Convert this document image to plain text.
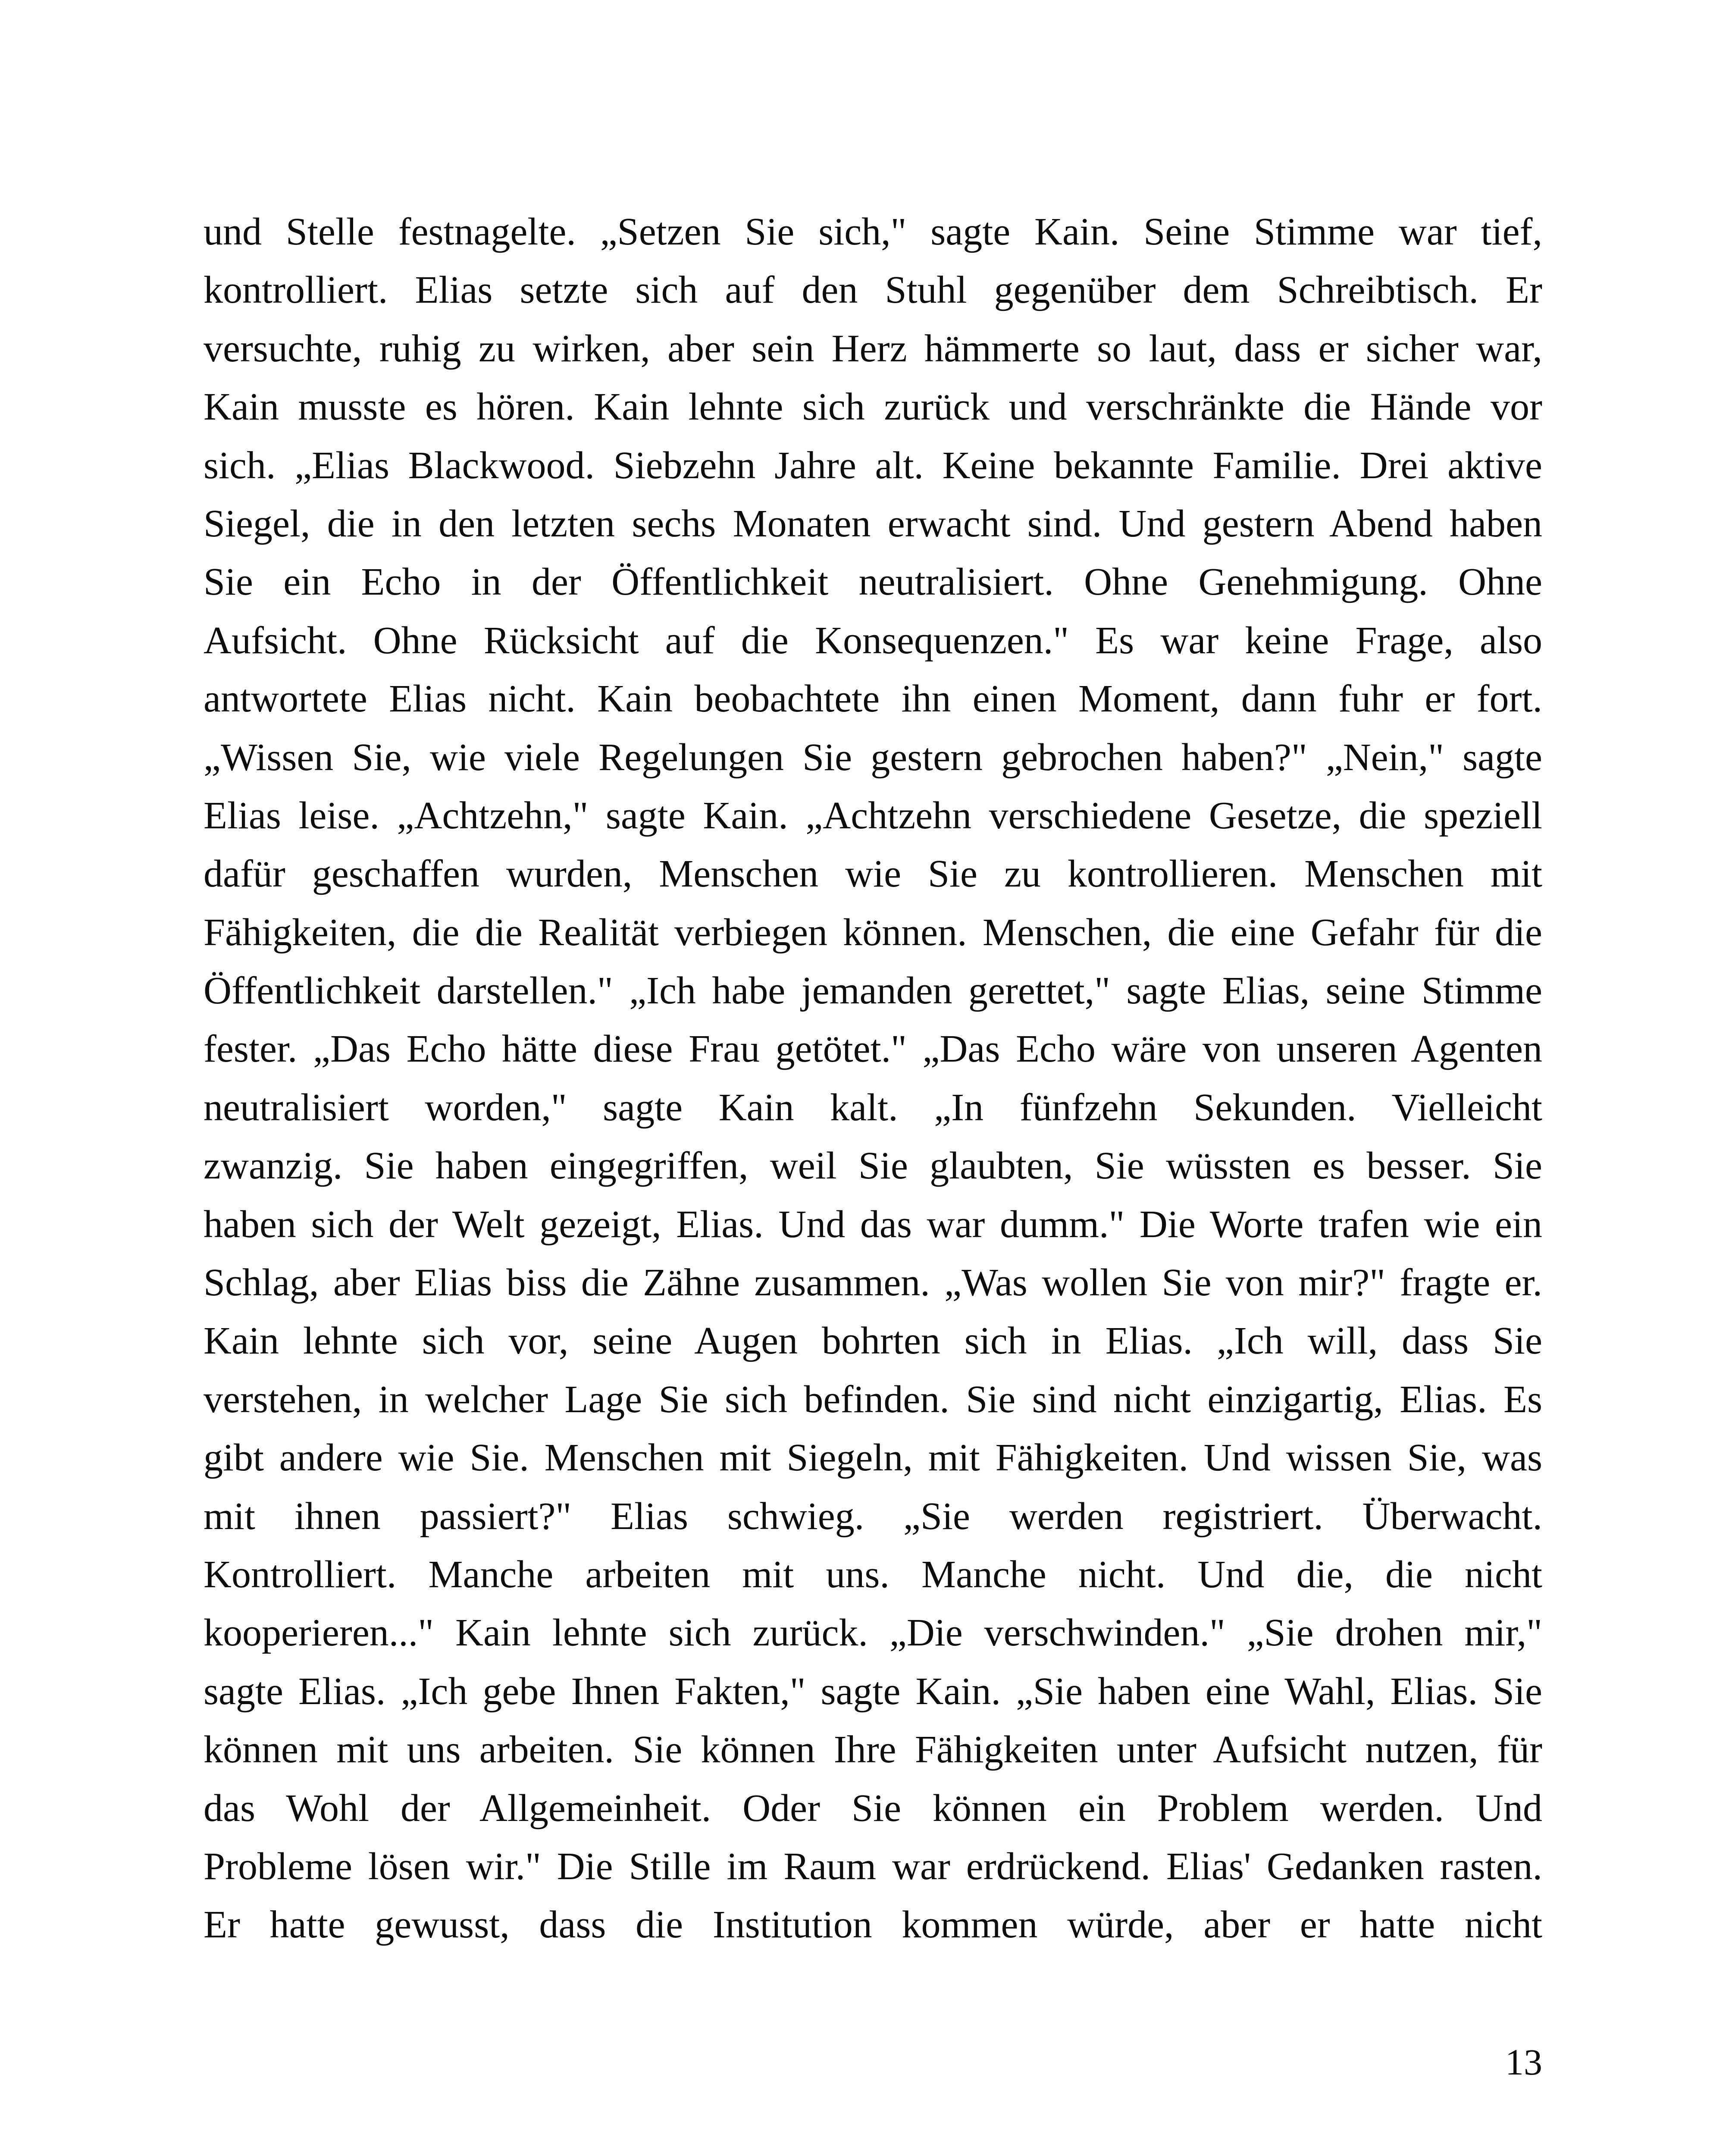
und Stelle festnagelte. „Setzen Sie sich," sagte Kain. Seine Stimme war tief,
kontrolliert. Elias setzte sich auf den Stuhl gegenüber dem Schreibtisch. Er
versuchte, ruhig zu wirken, aber sein Herz hämmerte so laut, dass er sicher war,
Kain musste es hören. Kain lehnte sich zurück und verschränkte die Hände vor
sich. „Elias Blackwood. Siebzehn Jahre alt. Keine bekannte Familie. Drei aktive
Siegel, die in den letzten sechs Monaten erwacht sind. Und gestern Abend haben
Sie ein Echo in der Öffentlichkeit neutralisiert. Ohne Genehmigung. Ohne
Aufsicht. Ohne Rücksicht auf die Konsequenzen." Es war keine Frage, also
antwortete Elias nicht. Kain beobachtete ihn einen Moment, dann fuhr er fort.
„Wissen Sie, wie viele Regelungen Sie gestern gebrochen haben?" „Nein," sagte
Elias leise. „Achtzehn," sagte Kain. „Achtzehn verschiedene Gesetze, die speziell
dafür geschaffen wurden, Menschen wie Sie zu kontrollieren. Menschen mit
Fähigkeiten, die die Realität verbiegen können. Menschen, die eine Gefahr für die
Öffentlichkeit darstellen." „Ich habe jemanden gerettet," sagte Elias, seine Stimme
fester. „Das Echo hätte diese Frau getötet." „Das Echo wäre von unseren Agenten
neutralisiert worden," sagte Kain kalt. „In fünfzehn Sekunden. Vielleicht
zwanzig. Sie haben eingegriffen, weil Sie glaubten, Sie wüssten es besser. Sie
haben sich der Welt gezeigt, Elias. Und das war dumm." Die Worte trafen wie ein
Schlag, aber Elias biss die Zähne zusammen. „Was wollen Sie von mir?" fragte er.
Kain lehnte sich vor, seine Augen bohrten sich in Elias. „Ich will, dass Sie
verstehen, in welcher Lage Sie sich befinden. Sie sind nicht einzigartig, Elias. Es
gibt andere wie Sie. Menschen mit Siegeln, mit Fähigkeiten. Und wissen Sie, was
mit ihnen passiert?" Elias schwieg. „Sie werden registriert. Überwacht.
Kontrolliert. Manche arbeiten mit uns. Manche nicht. Und die, die nicht
kooperieren..." Kain lehnte sich zurück. „Die verschwinden." „Sie drohen mir,"
sagte Elias. „Ich gebe Ihnen Fakten," sagte Kain. „Sie haben eine Wahl, Elias. Sie
können mit uns arbeiten. Sie können Ihre Fähigkeiten unter Aufsicht nutzen, für
das Wohl der Allgemeinheit. Oder Sie können ein Problem werden. Und
Probleme lösen wir." Die Stille im Raum war erdrückend. Elias' Gedanken rasten.
Er hatte gewusst, dass die Institution kommen würde, aber er hatte nicht
13
